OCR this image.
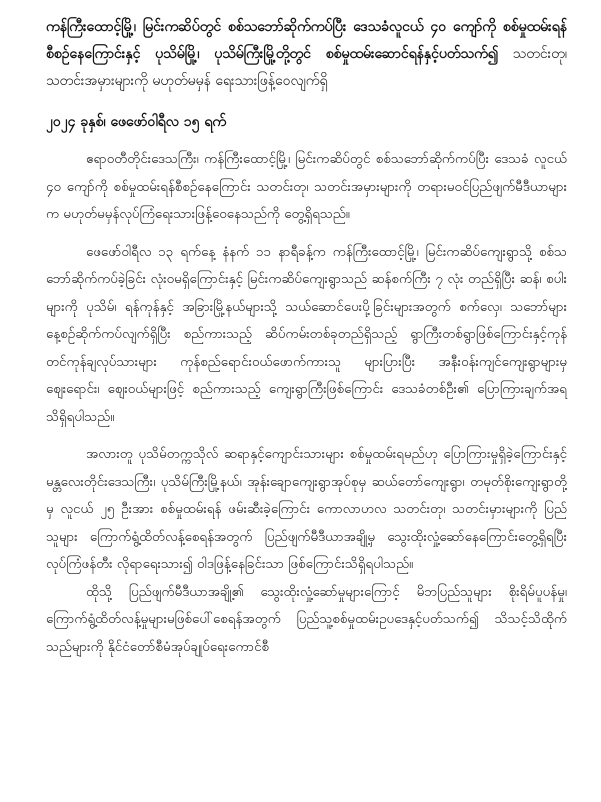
ကန်ကြီးထောင့်မြို့၊ မြင်းကဆိပ်တွင် စစ်သဘော်ဆိုက်ကပ်ပြီး ဒေသခံလူငယ် ၄၀ ကျော်ကို စစ်မှုထမ်းရန် စီစဉ်နေကြောင်းနှင့် ပုသိမ်မြို့၊ ပုသိမ်ကြီးမြို့တို့တွင် စစ်မှုထမ်းဆောင်ရန်နှင့်ပတ်သက်၍ သတင်းတု၊ သတင်းအမှားများကို မဟုတ်မမှန် ရေးသားဖြန့်ဝေလျက်ရှိ

၂၀၂၄ ခုနှစ်၊ ဖေဖော်ဝါရီလ ၁၅ ရက်

ဧရာဝတီတိုင်းဒေသကြီး၊ ကန်ကြီးထောင့်မြို့၊ မြင်းကဆိပ်တွင် စစ်သဘော်ဆိုက်ကပ်ပြီး ဒေသခံ လူငယ် ၄၀ ကျော်ကို စစ်မှုထမ်းရန်စီစဉ်နေကြောင်း သတင်းတု၊ သတင်းအမှားများကို တရားမဝင်ပြည်ဖျက်မီဒီယာများက မဟုတ်မမှန်လုပ်ကြံရေးသားဖြန့်ဝေနေသည်ကို တွေ့ရှိရသည်။

ဖေဖော်ဝါရီလ ၁၃ ရက်နေ့ နံနက် ၁၁ နာရီခန့်က ကန်ကြီးထောင့်မြို့၊ မြင်းကဆိပ်ကျေးရွာသို့ စစ်သဘော်ဆိုက်ကပ်ခဲ့ခြင်း လုံးဝမရှိကြောင်းနှင့် မြင်းကဆိပ်ကျေးရွာသည် ဆန်စက်ကြီး ၇ လုံး တည်ရှိပြီး ဆန်၊ စပါးများကို ပုသိမ်၊ ရန်ကုန်နှင့် အခြားမြို့နယ်များသို့ သယ်ဆောင်ပေးပို့ခြင်းများအတွက် စက်လှေ၊ သဘော်များ နေ့စဉ်ဆိုက်ကပ်လျက်ရှိပြီး စည်ကားသည့် ဆိပ်ကမ်းတစ်ခုတည်ရှိသည့် ရွာကြီးတစ်ရွာဖြစ်ကြောင်းနှင့်ကုန်တင်ကုန်ချလုပ်သားများ ကုန်စည်ရောင်းဝယ်ဖောက်ကားသူ များပြားပြီး အနီးဝန်းကျင်ကျေးရွာများမှ ဈေးရောင်း၊ ဈေးဝယ်များဖြင့် စည်ကားသည့် ကျေးရွာကြီးဖြစ်ကြောင်း ဒေသခံတစ်ဦး၏ ပြောကြားချက်အရ သိရှိရပါသည်။

အလားတူ ပုသိမ်တက္ကသိုလ် ဆရာနှင့်ကျောင်းသားများ စစ်မှုထမ်းရမည်ဟု ပြောကြားမှုရှိခဲ့ကြောင်းနှင့်မန္တလေးတိုင်းဒေသကြီး၊ ပုသိမ်ကြီးမြို့နယ်၊ အုန်းချောကျေးရွာအုပ်စုမှ ဆယ်တော်ကျေးရွာ၊ တမုတ်စိုးကျေးရွာတို့မှ လူငယ် ၂၅ ဦးအား စစ်မှုထမ်းရန် ဖမ်းဆီးခဲ့ကြောင်း ကောလာဟလ သတင်းတု၊ သတင်းမှားများကို ပြည်သူများ ကြောက်ရွံ့ထိတ်လန့်စေရန်အတွက် ပြည်ဖျက်မီဒီယာအချို့မှ သွေးထိုးလှုံ့ဆော်နေကြောင်းတွေ့ရှိရပြီး လုပ်ကြံဖန်တီး လိုရာရေးသား၍ ဝါဒဖြန့်နေခြင်းသာ ဖြစ်ကြောင်းသိရှိရပါသည်။

ထိုသို့ ပြည်ဖျက်မီဒီယာအချို့၏ သွေးထိုးလှုံ့ဆော်မှုများကြောင့် မိဘပြည်သူများ စိုးရိမ်ပူပန်မှု၊ ကြောက်ရွံ့ထိတ်လန့်မှုများမဖြစ်ပေါ်စေရန်အတွက် ပြည်သူ့စစ်မှုထမ်းဥပဒေနှင့်ပတ်သက်၍ သိသင့်သိထိုက်သည်များကို နိုင်ငံတော်စီမံအုပ်ချုပ်ရေးကောင်စီ
